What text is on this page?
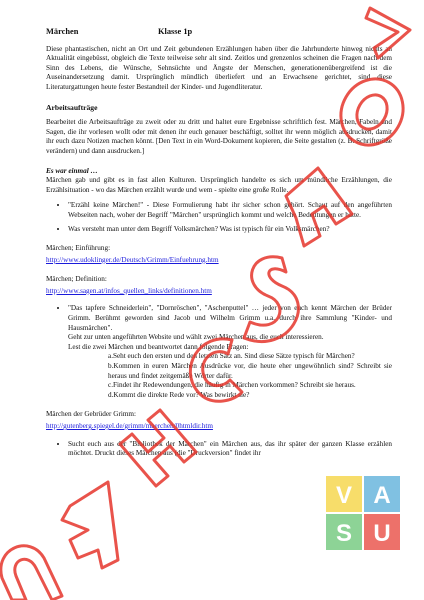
Märchen	Klasse 1p

Diese phantastischen, nicht an Ort und Zeit gebundenen Erzählungen haben über die Jahrhunderte hinweg nichts an Aktualität eingebüsst, obgleich die Texte teilweise sehr alt sind. Zeitlos und grenzenlos scheinen die Fragen nach dem Sinn des Lebens, die Wünsche, Sehnsüchte und Ängste der Menschen, generationenübergreifend ist die Auseinandersetzung damit. Ursprünglich mündlich überliefert und an Erwachsene gerichtet, sind diese Literaturgattungen heute fester Bestandteil der Kinder- und Jugendliteratur.

Arbeitsaufträge

Bearbeitet die Arbeitsaufträge zu zweit oder zu dritt und haltet eure Ergebnisse schriftlich fest. Märchen, Fabeln und Sagen, die ihr vorlesen wollt oder mit denen ihr euch genauer beschäftigt, solltet ihr wenn möglich ausdrucken, damit ihr euch dazu Notizen machen könnt. [Den Text in ein Word-Dokument kopieren, die Seite gestalten (z. B. Schriftgröße verändern) und dann ausdrucken.]

Es war einmal …

Märchen gab und gibt es in fast allen Kulturen. Ursprünglich handelte es sich um mündliche Erzählungen, die Erzählsituation - wo das Märchen erzählt wurde und wem - spielte eine große Rolle.

• "Erzähl keine Märchen!" - Diese Formulierung habt ihr sicher schon gehört. Schaut auf den angeführten Webseiten nach, woher der Begriff "Märchen" ursprünglich kommt und welche Bedeutungen er hatte.
• Was versteht man unter dem Begriff Volksmärchen? Was ist typisch für ein Volksmärchen?
Märchen; Einführung:
http://www.udoklinger.de/Deutsch/Grimm/Einfuehrung.htm
Märchen; Definition:
http://www.sagen.at/infos_quellen_links/definitionen.htm
• "Das tapfere Schneiderlein", "Dornröschen", "Aschenputtel" … jeder von euch kennt Märchen der Brüder Grimm. Berühmt geworden sind Jacob und Wilhelm Grimm u.a. durch ihre Sammlung "Kinder- und Hausmärchen".
Geht zur unten angeführten Website und wählt zwei Märchen aus, die euch interessieren.
Lest die zwei Märchen und beantwortet dann folgende Fragen:
a.Seht euch den ersten und den letzten Satz an. Sind diese Sätze typisch für Märchen?
b.Kommen in euren Märchen Ausdrücke vor, die heute eher ungewöhnlich sind? Schreibt sie heraus und findet zeitgemäße Wörter dafür.
c.Findet ihr Redewendungen, die häufig in Märchen vorkommen? Schreibt sie heraus.
d.Kommt die direkte Rede vor? Was bewirkt sie?
Märchen der Gebrüder Grimm:
http://gutenberg.spiegel.de/grimm/maerchen/0htmldir.htm
• Sucht euch aus der "Bibliothek der Märchen" ein Märchen aus, das ihr später der ganzen Klasse erzählen möchtet. Druckt dieses Märchen aus (die "Druckversion" findet ihr
V A
S U
